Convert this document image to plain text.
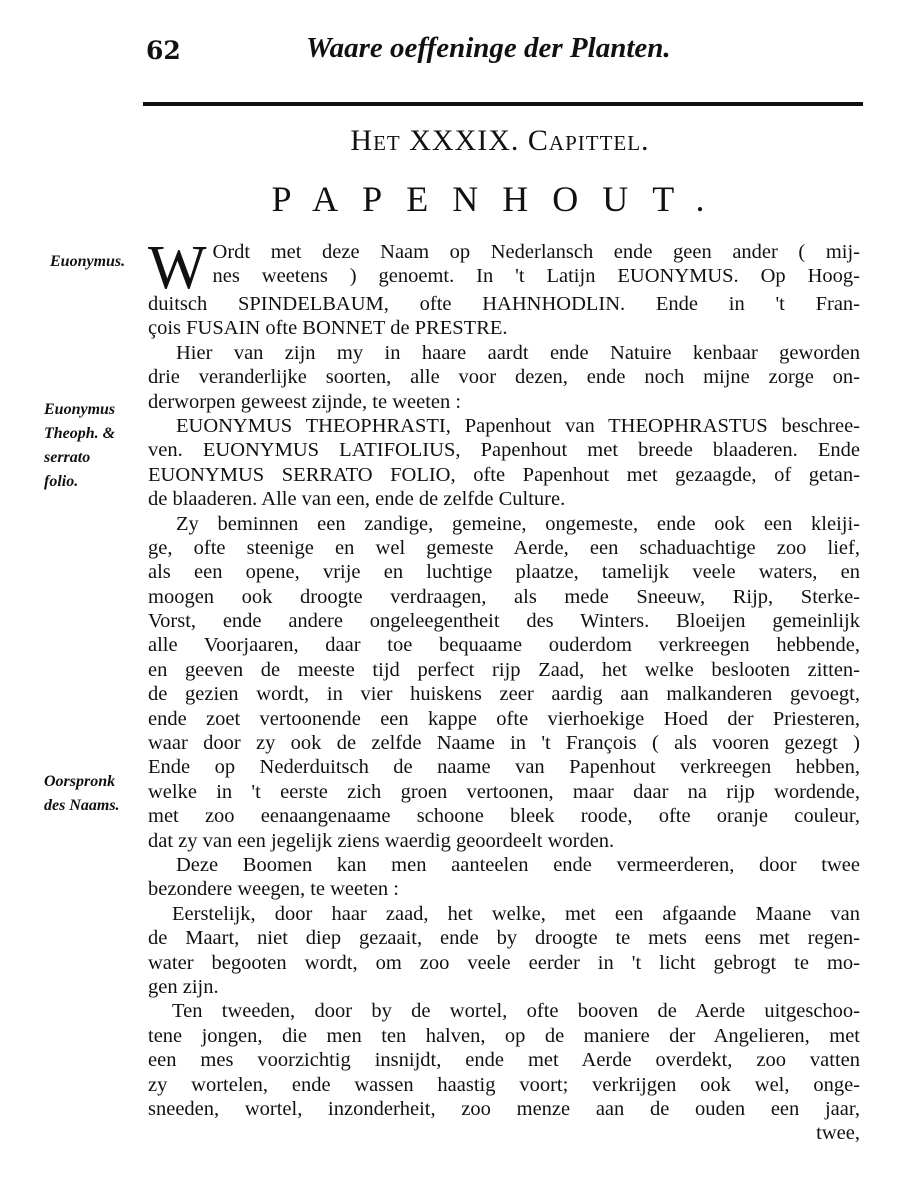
62	Waare oeffeninge der Planten.
Het XXXIX. Capittel.
PAPENHOUT.
Euonymus.
Euonymus
Theoph. &
serrato
folio.
Oorspronk
des Naams.
W Ordt met deze Naam op Nederlansch ende geen ander ( mij-
nes weetens ) genoemt. In 't Latijn EUONYMUS. Op Hoog-
duitsch SPINDELBAUM, ofte HAHNHODLIN. Ende in 't Fran-
çois FUSAIN ofte BONNET de PRESTRE.
Hier van zijn my in haare aardt ende Natuire kenbaar geworden
drie veranderlijke soorten, alle voor dezen, ende noch mijne zorge on-
derworpen geweest zijnde, te weeten :
EUONYMUS THEOPHRASTI, Papenhout van THEOPHRASTUS beschree-
ven. EUONYMUS LATIFOLIUS, Papenhout met breede blaaderen. Ende
EUONYMUS SERRATO FOLIO, ofte Papenhout met gezaagde, of getan-
de blaaderen. Alle van een, ende de zelfde Culture.
Zy beminnen een zandige, gemeine, ongemeste, ende ook een kleiji-
ge, ofte steenige en wel gemeste Aerde, een schaduachtige zoo lief,
als een opene, vrije en luchtige plaatze, tamelijk veele waters, en
moogen ook droogte verdraagen, als mede Sneeuw, Rijp, Sterke-
Vorst, ende andere ongeleegentheit des Winters. Bloeijen gemeinlijk
alle Voorjaaren, daar toe bequaame ouderdom verkreegen hebbende,
en geeven de meeste tijd perfect rijp Zaad, het welke beslooten zitten-
de gezien wordt, in vier huiskens zeer aardig aan malkanderen gevoegt,
ende zoet vertoonende een kappe ofte vierhoekige Hoed der Priesteren,
waar door zy ook de zelfde Naame in 't François ( als vooren gezegt )
Ende op Nederduitsch de naame van Papenhout verkreegen hebben,
welke in 't eerste zich groen vertoonen, maar daar na rijp wordende,
met zoo eenaangenaame schoone bleek roode, ofte oranje couleur,
dat zy van een jegelijk ziens waerdig geoordeelt worden.
Deze Boomen kan men aanteelen ende vermeerderen, door twee
bezondere weegen, te weeten :
Eerstelijk, door haar zaad, het welke, met een afgaande Maane van
de Maart, niet diep gezaait, ende by droogte te mets eens met regen-
water begooten wordt, om zoo veele eerder in 't licht gebrogt te mo-
gen zijn.
Ten tweeden, door by de wortel, ofte booven de Aerde uitgeschoo-
tene jongen, die men ten halven, op de maniere der Angelieren, met
een mes voorzichtig insnijdt, ende met Aerde overdekt, zoo vatten
zy wortelen, ende wassen haastig voort; verkrijgen ook wel, onge-
sneeden, wortel, inzonderheit, zoo menze aan de ouden een jaar,
twee,
